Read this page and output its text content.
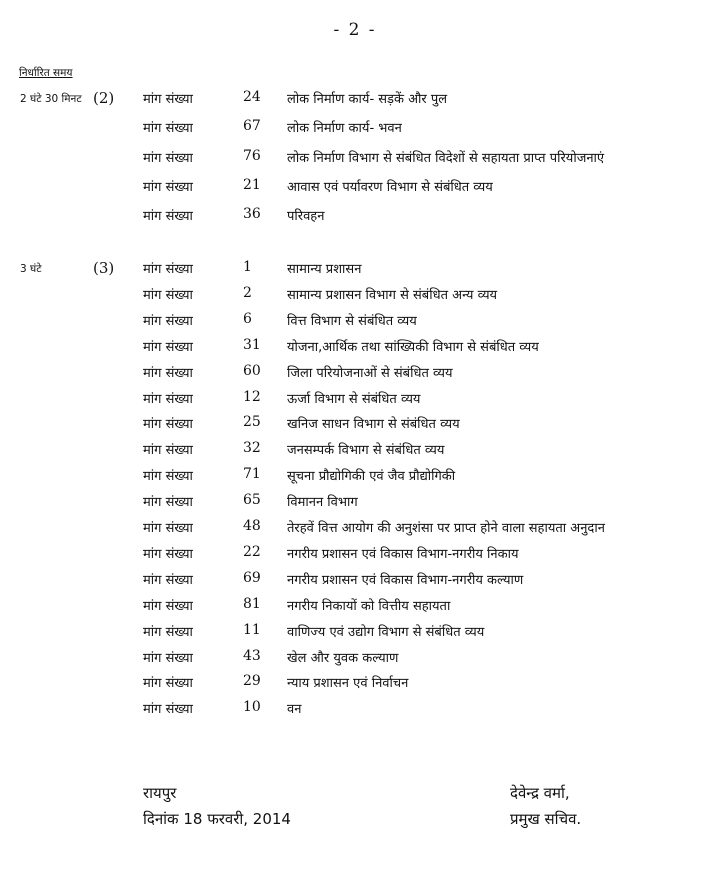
- 2 -
निर्धारित समय
2 घंटे 30 मिनट (2) मांग संख्या	24 लोक निर्माण कार्य- सड़कें और पुल
मांग संख्या	67 लोक निर्माण कार्य- भवन
मांग संख्या	76 लोक निर्माण विभाग से संबंधित विदेशों से सहायता प्राप्त परियोजनाएं
मांग संख्या	21 आवास एवं पर्यावरण विभाग से संबंधित व्यय
मांग संख्या	36 परिवहन
3 घंटे	(3) मांग संख्या	1	सामान्य प्रशासन
मांग संख्या	2	सामान्य प्रशासन विभाग से संबंधित अन्य व्यय
मांग संख्या	6	वित्त विभाग से संबंधित व्यय
मांग संख्या	31 योजना,आर्थिक तथा सांख्यिकी विभाग से संबंधित व्यय
मांग संख्या	60 जिला परियोजनाओं से संबंधित व्यय
मांग संख्या	12 ऊर्जा विभाग से संबंधित व्यय
मांग संख्या	25 खनिज साधन विभाग से संबंधित व्यय
मांग संख्या	32 जनसम्पर्क विभाग से संबंधित व्यय
मांग संख्या	71 सूचना प्रौद्योगिकी एवं जैव प्रौद्योगिकी
मांग संख्या	65 विमानन विभाग
मांग संख्या	48 तेरहवें वित्त आयोग की अनुशंसा पर प्राप्त होने वाला सहायता अनुदान
मांग संख्या	22 नगरीय प्रशासन एवं विकास विभाग-नगरीय निकाय
मांग संख्या	69 नगरीय प्रशासन एवं विकास विभाग-नगरीय कल्याण
मांग संख्या	81 नगरीय निकायों को वित्तीय सहायता
मांग संख्या	11 वाणिज्य एवं उद्योग विभाग से संबंधित व्यय
मांग संख्या	43 खेल और युवक कल्याण
मांग संख्या	29 न्याय प्रशासन एवं निर्वाचन
मांग संख्या	10 वन
रायपुर
दिनांक 18 फरवरी, 2014
देवेन्द्र वर्मा,
प्रमुख सचिव.
